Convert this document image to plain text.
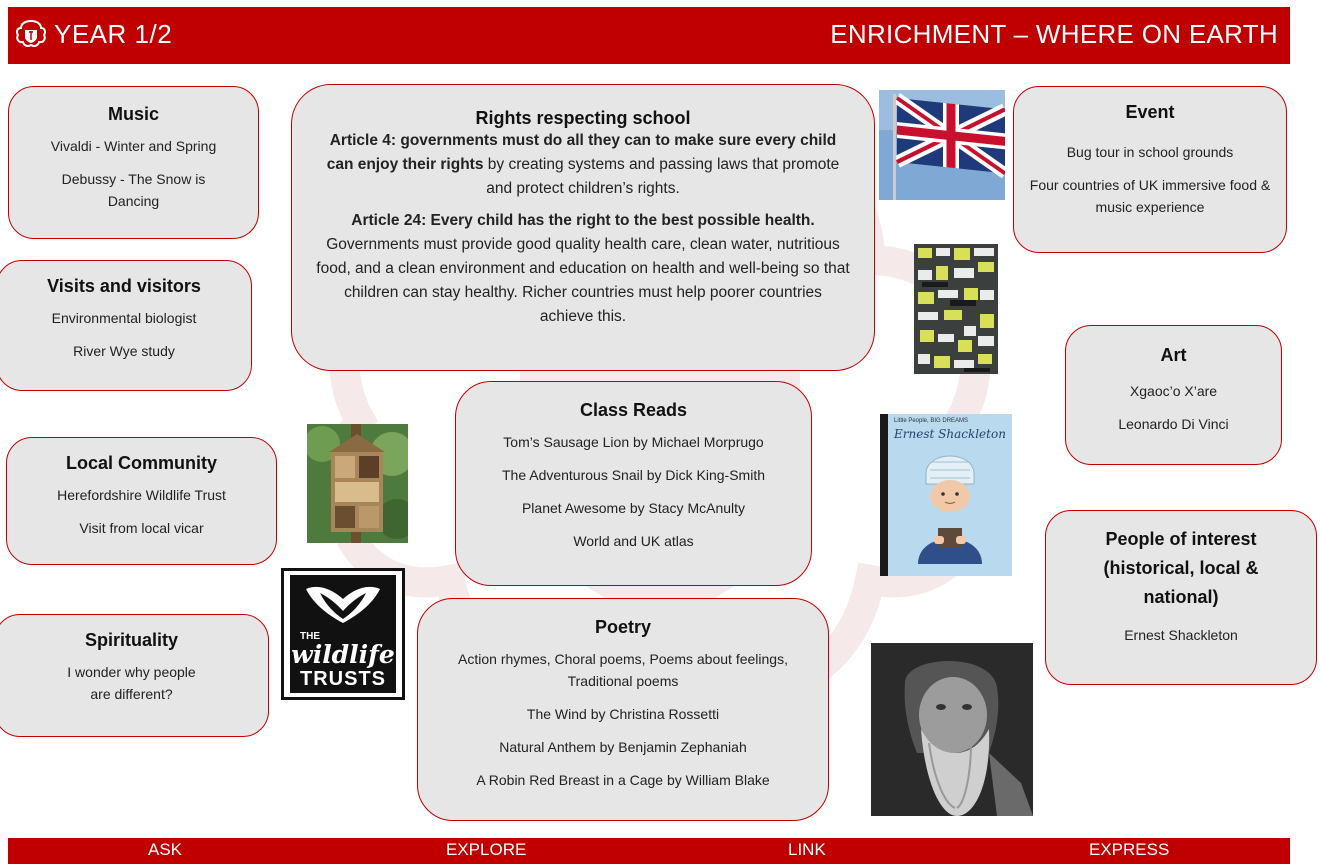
YEAR 1/2	ENRICHMENT – WHERE ON EARTH
Music

Vivaldi - Winter and Spring

Debussy - The Snow is Dancing

Visits and visitors

Environmental biologist

River Wye study

Local Community

Herefordshire Wildlife Trust

Visit from local vicar

Spirituality

I wonder why people are different?

Rights respecting school

Article 4: governments must do all they can to make sure every child can enjoy their rights by creating systems and passing laws that promote and protect children’s rights.

Article 24: Every child has the right to the best possible health. Governments must provide good quality health care, clean water, nutritious food, and a clean environment and education on health and well-being so that children can stay healthy. Richer countries must help poorer countries achieve this.

Class Reads

Tom’s Sausage Lion by Michael Morprugo

The Adventurous Snail by Dick King-Smith

Planet Awesome by Stacy McAnulty

World and UK atlas

Poetry

Action rhymes, Choral poems, Poems about feelings, Traditional poems

The Wind by Christina Rossetti

Natural Anthem by Benjamin Zephaniah

A Robin Red Breast in a Cage by William Blake

Event

Bug tour in school grounds

Four countries of UK immersive food & music experience

Art

Xgaoc’o X’are

Leonardo Di Vinci

People of interest (historical, local & national)

Ernest Shackleton

THE
wildlife
TRUSTS
Little People, BIG DREAMS
Ernest Shackleton
ASK	EXPLORE	LINK	EXPRESS
